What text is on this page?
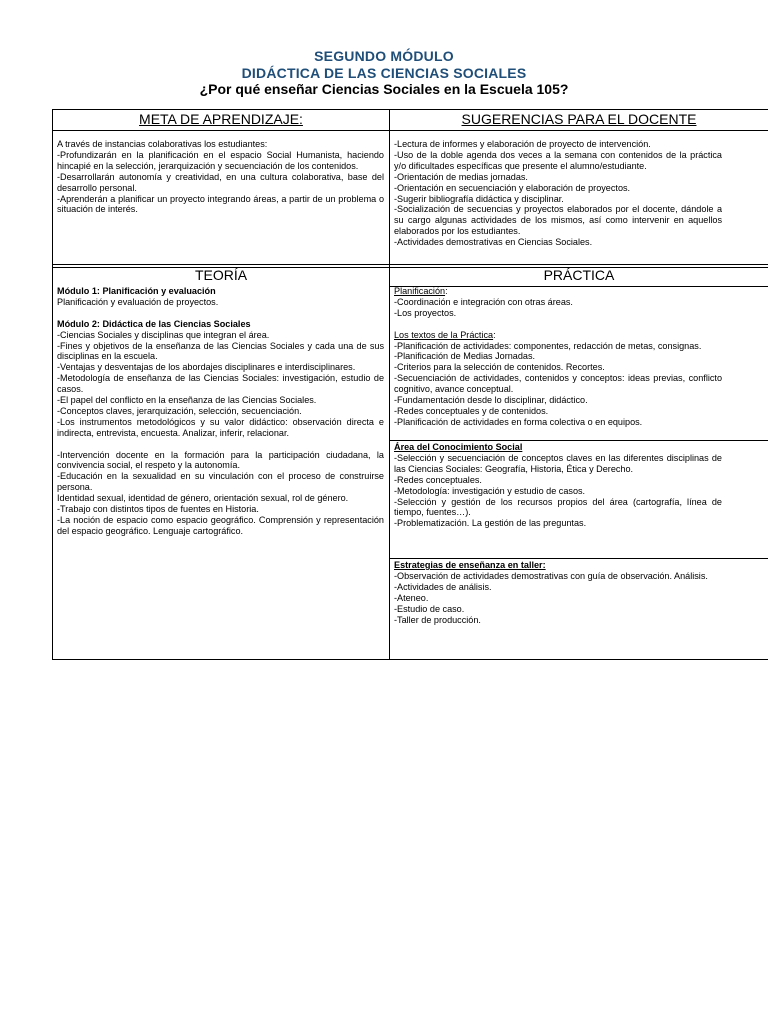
SEGUNDO MÓDULO
DIDÁCTICA DE LAS CIENCIAS SOCIALES
¿Por qué enseñar Ciencias Sociales en la Escuela 105?
META DE APRENDIZAJE:	SUGERENCIAS PARA EL DOCENTE
A través de instancias colaborativas los estudiantes:
-Profundizarán en la planificación en el espacio Social Humanista, haciendo hincapié en la selección, jerarquización y secuenciación de los contenidos.
-Desarrollarán autonomía y creatividad, en una cultura colaborativa, base del desarrollo personal.
-Aprenderán a planificar un proyecto integrando áreas, a partir de un problema o situación de interés.
-Lectura de informes y elaboración de proyecto de intervención.
-Uso de la doble agenda dos veces a la semana con contenidos de la práctica y/o dificultades específicas que presente el alumno/estudiante.
-Orientación de medias jornadas.
-Orientación en secuenciación y elaboración de proyectos.
-Sugerir bibliografía didáctica y disciplinar.
-Socialización de secuencias y proyectos elaborados por el docente, dándole a su cargo algunas actividades de los mismos, así como intervenir en aquellos elaborados por los estudiantes.
-Actividades demostrativas en Ciencias Sociales.
TEORÍA	PRÁCTICA
Módulo 1: Planificación y evaluación
Planificación y evaluación de proyectos.
Módulo 2: Didáctica de las Ciencias Sociales
-Ciencias Sociales y disciplinas que integran el área.
-Fines y objetivos de la enseñanza de las Ciencias Sociales y cada una de sus disciplinas en la escuela.
-Ventajas y desventajas de los abordajes disciplinares e interdisciplinares.
-Metodología de enseñanza de las Ciencias Sociales: investigación, estudio de casos.
-El papel del conflicto en la enseñanza de las Ciencias Sociales.
-Conceptos claves, jerarquización, selección, secuenciación.
-Los instrumentos metodológicos y su valor didáctico: observación directa e indirecta, entrevista, encuesta. Analizar, inferir, relacionar.
-Intervención docente en la formación para la participación ciudadana, la convivencia social, el respeto y la autonomía.
-Educación en la sexualidad en su vinculación con el proceso de construirse persona.
Identidad sexual, identidad de género, orientación sexual, rol de género.
-Trabajo con distintos tipos de fuentes en Historia.
-La noción de espacio como espacio geográfico. Comprensión y representación del espacio geográfico. Lenguaje cartográfico.
Planificación:
-Coordinación e integración con otras áreas.
-Los proyectos.
Los textos de la Práctica:
-Planificación de actividades: componentes, redacción de metas, consignas.
-Planificación de Medias Jornadas.
-Criterios para la selección de contenidos. Recortes.
-Secuenciación de actividades, contenidos y conceptos: ideas previas, conflicto cognitivo, avance conceptual.
-Fundamentación desde lo disciplinar, didáctico.
-Redes conceptuales y de contenidos.
-Planificación de actividades en forma colectiva o en equipos.
Área del Conocimiento Social
-Selección y secuenciación de conceptos claves en las diferentes disciplinas de las Ciencias Sociales: Geografía, Historia, Ética y Derecho.
-Redes conceptuales.
-Metodología: investigación y estudio de casos.
-Selección y gestión de los recursos propios del área (cartografía, línea de tiempo, fuentes…).
-Problematización. La gestión de las preguntas.
Estrategias de enseñanza en taller:
-Observación de actividades demostrativas con guía de observación. Análisis.
-Actividades de análisis.
-Ateneo.
-Estudio de caso.
-Taller de producción.
